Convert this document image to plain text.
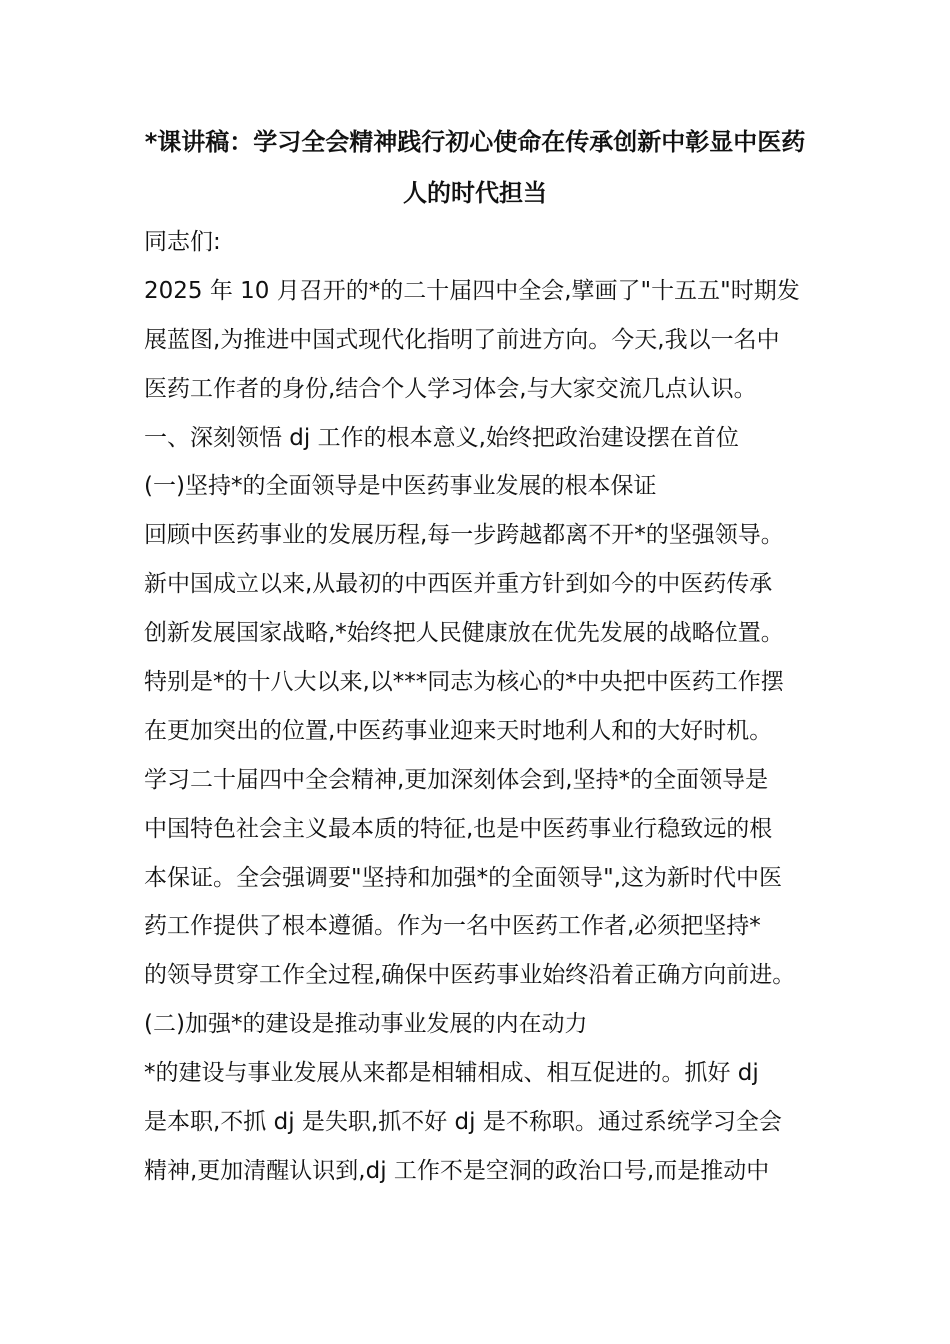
*课讲稿：学习全会精神践行初心使命在传承创新中彰显中医药
人的时代担当
同志们:
2025 年 10 月召开的*的二十届四中全会,擘画了"十五五"时期发
展蓝图,为推进中国式现代化指明了前进方向。今天,我以一名中
医药工作者的身份,结合个人学习体会,与大家交流几点认识。
一、深刻领悟 dj 工作的根本意义,始终把政治建设摆在首位
(一)坚持*的全面领导是中医药事业发展的根本保证
回顾中医药事业的发展历程,每一步跨越都离不开*的坚强领导。
新中国成立以来,从最初的中西医并重方针到如今的中医药传承
创新发展国家战略,*始终把人民健康放在优先发展的战略位置。
特别是*的十八大以来,以***同志为核心的*中央把中医药工作摆
在更加突出的位置,中医药事业迎来天时地利人和的大好时机。
学习二十届四中全会精神,更加深刻体会到,坚持*的全面领导是
中国特色社会主义最本质的特征,也是中医药事业行稳致远的根
本保证。全会强调要"坚持和加强*的全面领导",这为新时代中医
药工作提供了根本遵循。作为一名中医药工作者,必须把坚持*
的领导贯穿工作全过程,确保中医药事业始终沿着正确方向前进。
(二)加强*的建设是推动事业发展的内在动力
*的建设与事业发展从来都是相辅相成、相互促进的。抓好 dj
是本职,不抓 dj 是失职,抓不好 dj 是不称职。通过系统学习全会
精神,更加清醒认识到,dj 工作不是空洞的政治口号,而是推动中
